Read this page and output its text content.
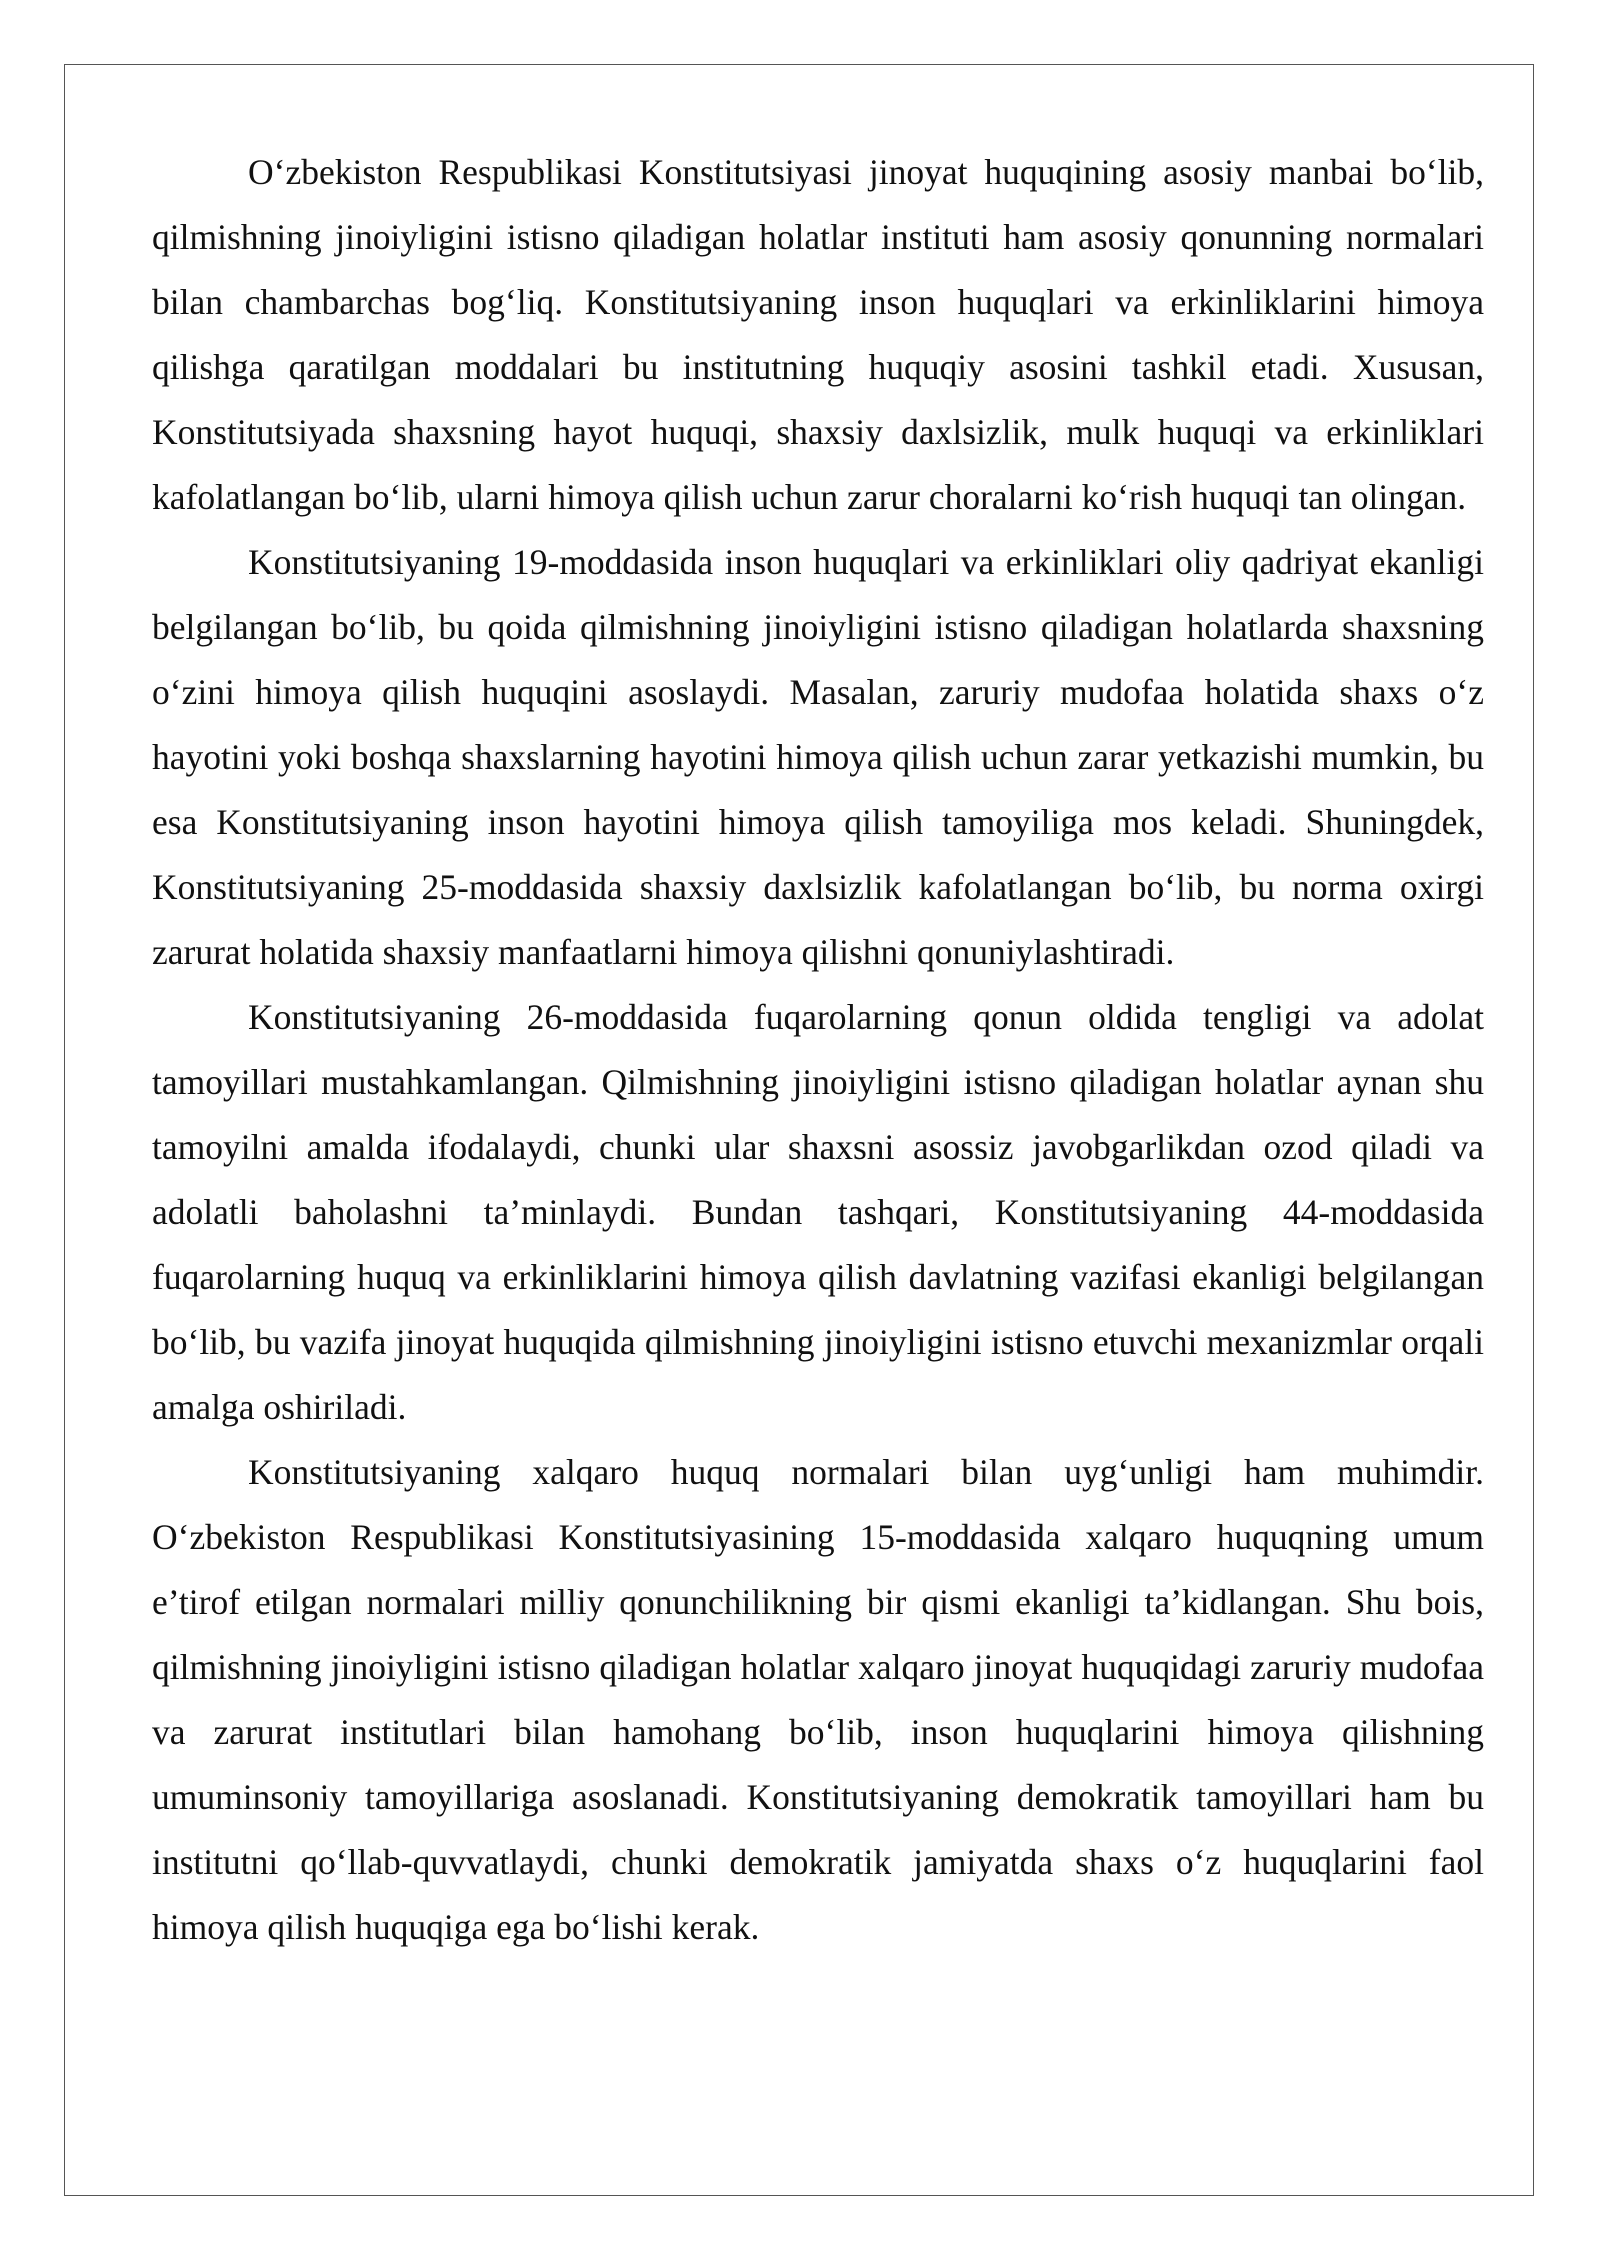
O‘zbekiston Respublikasi Konstitutsiyasi jinoyat huquqining asosiy manbai bo‘lib, qilmishning jinoiyligini istisno qiladigan holatlar instituti ham asosiy qonunning normalari bilan chambarchas bog‘liq. Konstitutsiyaning inson huquqlari va erkinliklarini himoya qilishga qaratilgan moddalari bu institutning huquqiy asosini tashkil etadi. Xususan, Konstitutsiyada shaxsning hayot huquqi, shaxsiy daxlsizlik, mulk huquqi va erkinliklari kafolatlangan bo‘lib, ularni himoya qilish uchun zarur choralarni ko‘rish huquqi tan olingan.

Konstitutsiyaning 19-moddasida inson huquqlari va erkinliklari oliy qadriyat ekanligi belgilangan bo‘lib, bu qoida qilmishning jinoiyligini istisno qiladigan holatlarda shaxsning o‘zini himoya qilish huquqini asoslaydi. Masalan, zaruriy mudofaa holatida shaxs o‘z hayotini yoki boshqa shaxslarning hayotini himoya qilish uchun zarar yetkazishi mumkin, bu esa Konstitutsiyaning inson hayotini himoya qilish tamoyiliga mos keladi. Shuningdek, Konstitutsiyaning 25-moddasida shaxsiy daxlsizlik kafolatlangan bo‘lib, bu norma oxirgi zarurat holatida shaxsiy manfaatlarni himoya qilishni qonuniylashtiradi.

Konstitutsiyaning 26-moddasida fuqarolarning qonun oldida tengligi va adolat tamoyillari mustahkamlangan. Qilmishning jinoiyligini istisno qiladigan holatlar aynan shu tamoyilni amalda ifodalaydi, chunki ular shaxsni asossiz javobgarlikdan ozod qiladi va adolatli baholashni ta’minlaydi. Bundan tashqari, Konstitutsiyaning 44-moddasida fuqarolarning huquq va erkinliklarini himoya qilish davlatning vazifasi ekanligi belgilangan bo‘lib, bu vazifa jinoyat huquqida qilmishning jinoiyligini istisno etuvchi mexanizmlar orqali amalga oshiriladi.

Konstitutsiyaning xalqaro huquq normalari bilan uyg‘unligi ham muhimdir. O‘zbekiston Respublikasi Konstitutsiyasining 15-moddasida xalqaro huquqning umum e’tirof etilgan normalari milliy qonunchilikning bir qismi ekanligi ta’kidlangan. Shu bois, qilmishning jinoiyligini istisno qiladigan holatlar xalqaro jinoyat huquqidagi zaruriy mudofaa va zarurat institutlari bilan hamohang bo‘lib, inson huquqlarini himoya qilishning umuminsoniy tamoyillariga asoslanadi. Konstitutsiyaning demokratik tamoyillari ham bu institutni qo‘llab-quvvatlaydi, chunki demokratik jamiyatda shaxs o‘z huquqlarini faol himoya qilish huquqiga ega bo‘lishi kerak.
